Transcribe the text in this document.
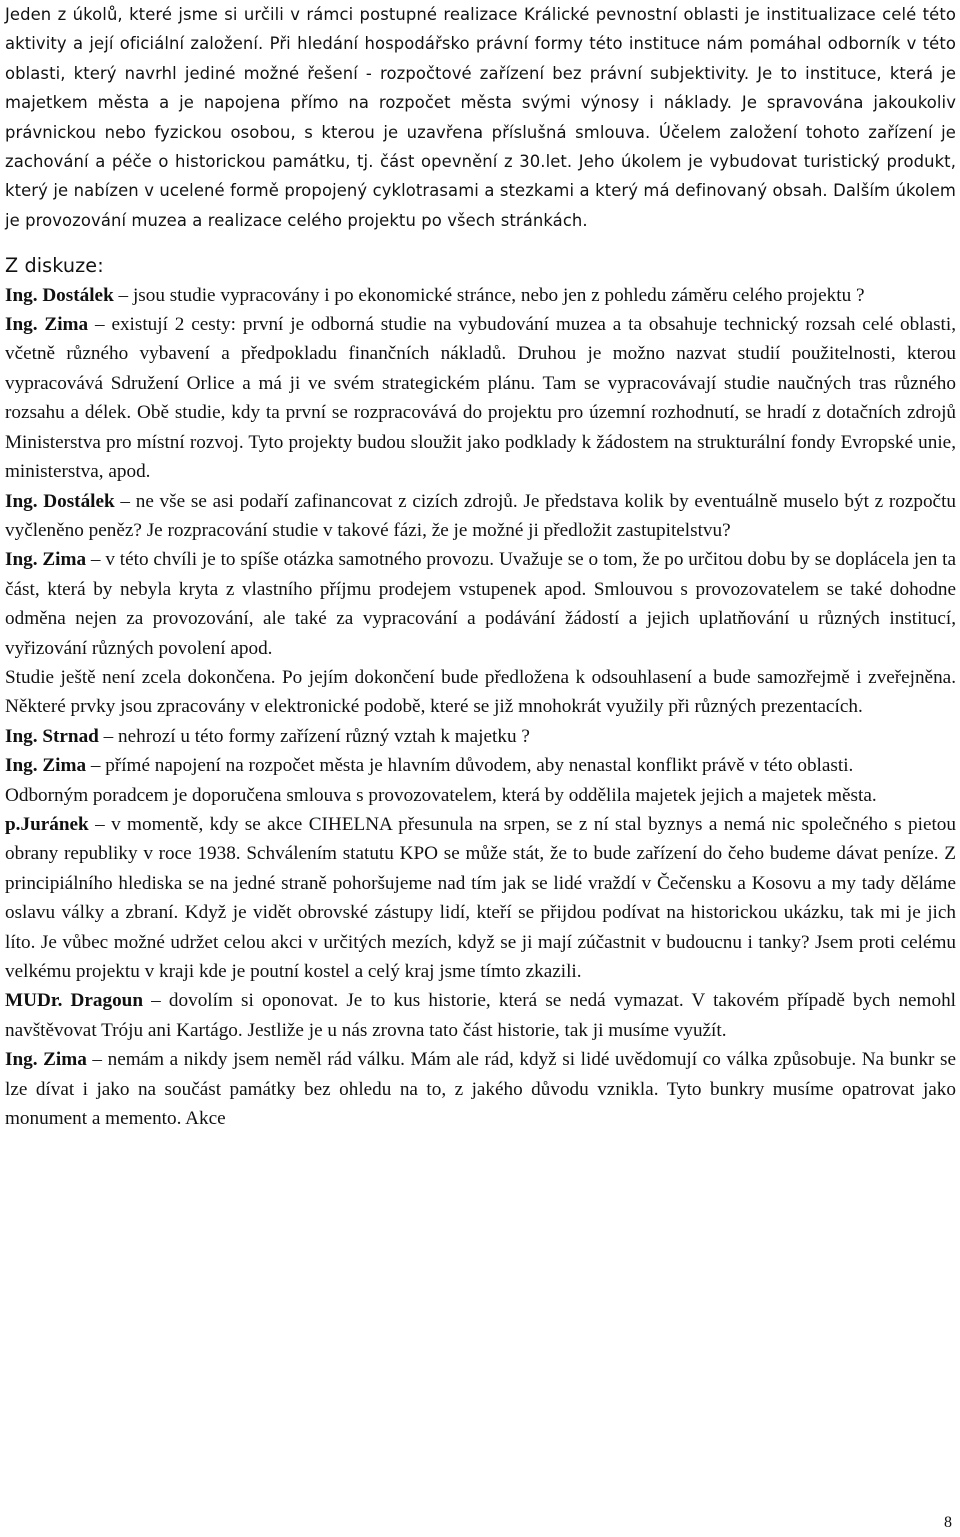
Jeden z úkolů, které jsme si určili v rámci postupné realizace Králické pevnostní oblasti je institualizace celé této aktivity a její oficiální založení. Při hledání hospodářsko právní formy této instituce nám pomáhal odborník v této oblasti, který navrhl jediné možné řešení - rozpočtové zařízení bez právní subjektivity. Je to instituce, která je majetkem města a je napojena přímo na rozpočet města svými výnosy i náklady. Je spravována jakoukoliv právnickou nebo fyzickou osobou, s kterou je uzavřena příslušná smlouva. Účelem založení tohoto zařízení je zachování a péče o historickou památku, tj. část opevnění z 30.let. Jeho úkolem je vybudovat turistický produkt, který je nabízen v ucelené formě propojený cyklotrasami a stezkami a který má definovaný obsah. Dalším úkolem je provozování muzea a realizace celého projektu po všech stránkách.

Z diskuze:

Ing. Dostálek – jsou studie vypracovány i po ekonomické stránce, nebo jen z pohledu záměru celého projektu ?

Ing. Zima – existují 2 cesty: první je odborná studie na vybudování muzea a ta obsahuje technický rozsah celé oblasti, včetně různého vybavení a předpokladu finančních nákladů. Druhou je možno nazvat studií použitelnosti, kterou vypracovává Sdružení Orlice a má ji ve svém strategickém plánu. Tam se vypracovávají studie naučných tras různého rozsahu a délek. Obě studie, kdy ta první se rozpracovává do projektu pro územní rozhodnutí, se hradí z dotačních zdrojů Ministerstva pro místní rozvoj. Tyto projekty budou sloužit jako podklady k žádostem na strukturální fondy Evropské unie, ministerstva, apod.

Ing. Dostálek – ne vše se asi podaří zafinancovat z cizích zdrojů. Je představa kolik by eventuálně muselo být z rozpočtu vyčleněno peněz? Je rozpracování studie v takové fázi, že je možné ji předložit zastupitelstvu?

Ing. Zima – v této chvíli je to spíše otázka samotného provozu. Uvažuje se o tom, že po určitou dobu by se doplácela jen ta část, která by nebyla kryta z vlastního příjmu prodejem vstupenek apod. Smlouvou s provozovatelem se také dohodne odměna nejen za provozování, ale také za vypracování a podávání žádostí a jejich uplatňování u různých institucí, vyřizování různých povolení apod.

Studie ještě není zcela dokončena. Po jejím dokončení bude předložena k odsouhlasení a bude samozřejmě i zveřejněna. Některé prvky jsou zpracovány v elektronické podobě, které se již mnohokrát využily při různých prezentacích.

Ing. Strnad – nehrozí u této formy zařízení různý vztah k majetku ?

Ing. Zima – přímé napojení na rozpočet města je hlavním důvodem, aby nenastal konflikt právě v této oblasti.

Odborným poradcem je doporučena smlouva s provozovatelem, která by oddělila majetek jejich a majetek města.

p.Juránek – v momentě, kdy se akce CIHELNA přesunula na srpen, se z ní stal byznys a nemá nic společného s pietou obrany republiky v roce 1938. Schválením statutu KPO se může stát, že to bude zařízení do čeho budeme dávat peníze. Z principiálního hlediska se na jedné straně pohoršujeme nad tím jak se lidé vraždí v Čečensku a Kosovu a my tady děláme oslavu války a zbraní. Když je vidět obrovské zástupy lidí, kteří se přijdou podívat na historickou ukázku, tak mi je jich líto. Je vůbec možné udržet celou akci v určitých mezích, když se ji mají zúčastnit v budoucnu i tanky? Jsem proti celému velkému projektu v kraji kde je poutní kostel a celý kraj jsme tímto zkazili.

MUDr. Dragoun – dovolím si oponovat. Je to kus historie, která se nedá vymazat. V takovém případě bych nemohl navštěvovat Tróju ani Kartágo. Jestliže je u nás zrovna tato část historie, tak ji musíme využít.

Ing. Zima – nemám a nikdy jsem neměl rád válku. Mám ale rád, když si lidé uvědomují co válka způsobuje. Na bunkr se lze dívat i jako na součást památky bez ohledu na to, z jakého důvodu vznikla. Tyto bunkry musíme opatrovat jako monument a memento. Akce

8
